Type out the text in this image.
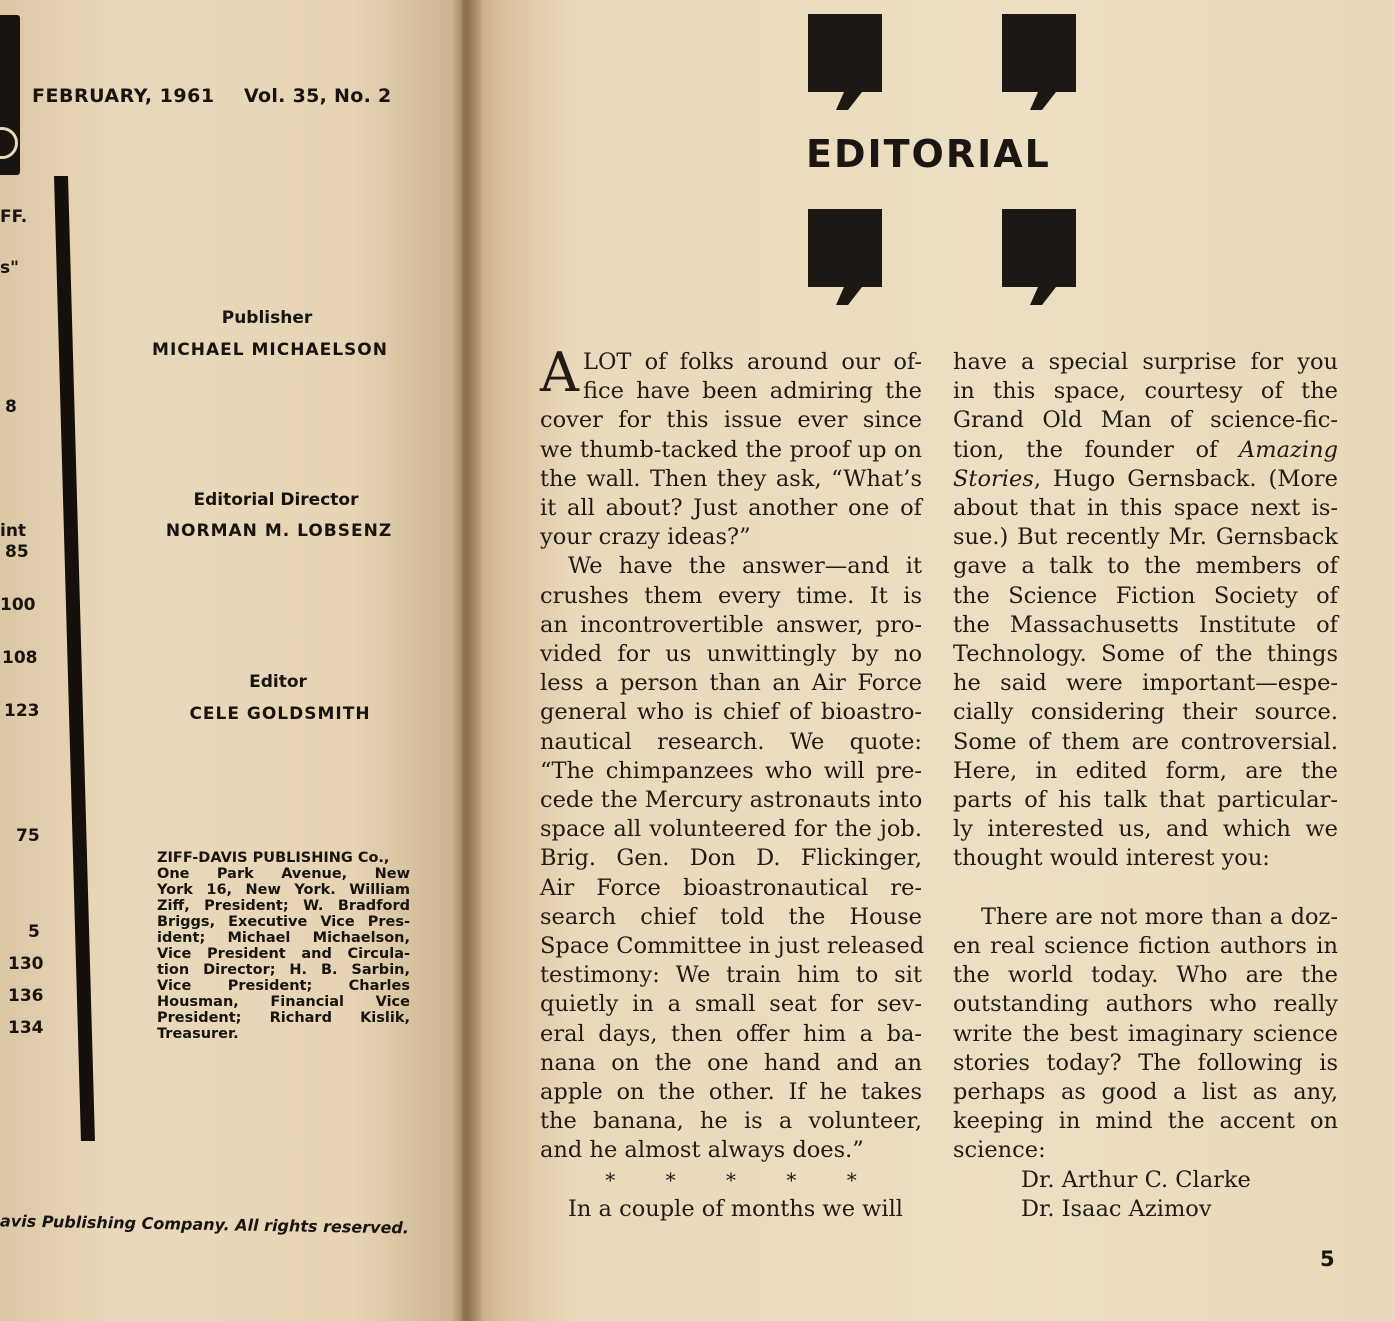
FEBRUARY, 1961 Vol. 35, No. 2
FF.
s"
8
int
85
100
108
123
75
5
130
136
134
Publisher
MICHAEL MICHAELSON
Editorial Director
NORMAN M. LOBSENZ
Editor
CELE GOLDSMITH
ZIFF-DAVIS PUBLISHING Co.,
One Park Avenue, New
York 16, New York. William
Ziff, President; W. Bradford
Briggs, Executive Vice Pres-
ident; Michael Michaelson,
Vice President and Circula-
tion Director; H. B. Sarbin,
Vice President; Charles
Housman, Financial Vice
President; Richard Kislik,
Treasurer.
avis Publishing Company. All rights reserved.
EDITORIAL
A LOT of folks around our of-
fice have been admiring the
cover for this issue ever since
we thumb-tacked the proof up on
the wall. Then they ask, “What’s
it all about? Just another one of
your crazy ideas?”
We have the answer—and it
crushes them every time. It is
an incontrovertible answer, pro-
vided for us unwittingly by no
less a person than an Air Force
general who is chief of bioastro-
nautical research. We quote:
“The chimpanzees who will pre-
cede the Mercury astronauts into
space all volunteered for the job.
Brig. Gen. Don D. Flickinger,
Air Force bioastronautical re-
search chief told the House
Space Committee in just released
testimony: We train him to sit
quietly in a small seat for sev-
eral days, then offer him a ba-
nana on the one hand and an
apple on the other. If he takes
the banana, he is a volunteer,
and he almost always does.”
* * * * *
In a couple of months we will
have a special surprise for you
in this space, courtesy of the
Grand Old Man of science-fic-
tion, the founder of Amazing
Stories, Hugo Gernsback. (More
about that in this space next is-
sue.) But recently Mr. Gernsback
gave a talk to the members of
the Science Fiction Society of
the Massachusetts Institute of
Technology. Some of the things
he said were important—espe-
cially considering their source.
Some of them are controversial.
Here, in edited form, are the
parts of his talk that particular-
ly interested us, and which we
thought would interest you:

There are not more than a doz-
en real science fiction authors in
the world today. Who are the
outstanding authors who really
write the best imaginary science
stories today? The following is
perhaps as good a list as any,
keeping in mind the accent on
science:
Dr. Arthur C. Clarke
Dr. Isaac Azimov
5
